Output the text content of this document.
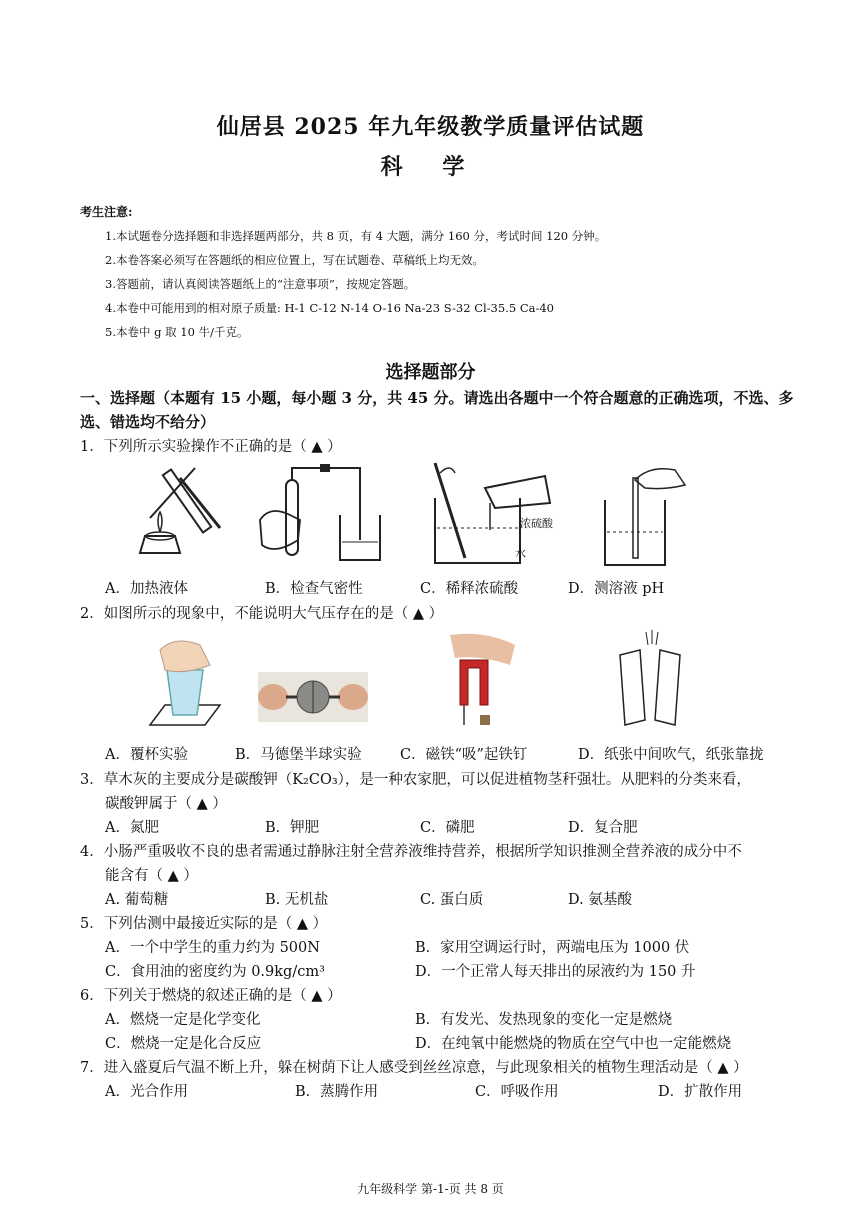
仙居县 2025 年九年级教学质量评估试题
科 学
考生注意:
1.本试题卷分选择题和非选择题两部分，共 8 页，有 4 大题，满分 160 分，考试时间 120 分钟。
2.本卷答案必须写在答题纸的相应位置上，写在试题卷、草稿纸上均无效。
3.答题前，请认真阅读答题纸上的“注意事项”，按规定答题。
4.本卷中可能用到的相对原子质量: H-1 C-12 N-14 O-16 Na-23 S-32 Cl-35.5 Ca-40
5.本卷中 g 取 10 牛/千克。
选择题部分
一、选择题（本题有 15 小题，每小题 3 分，共 45 分。请选出各题中一个符合题意的正确选项，不选、多
选、错选均不给分）
1．下列所示实验操作不正确的是（ ▲ ）
浓硫酸
水
A．加热液体	B．检查气密性	C．稀释浓硫酸	D．测溶液 pH
2．如图所示的现象中，不能说明大气压存在的是（ ▲ ）
A．覆杯实验	B．马德堡半球实验	C．磁铁“吸”起铁钉	D．纸张中间吹气，纸张靠拢
3．草木灰的主要成分是碳酸钾（K₂CO₃），是一种农家肥，可以促进植物茎秆强壮。从肥料的分类来看，
碳酸钾属于（ ▲ ）
A．氮肥	B．钾肥	C．磷肥	D．复合肥
4．小肠严重吸收不良的患者需通过静脉注射全营养液维持营养，根据所学知识推测全营养液的成分中不
能含有（ ▲ ）
A. 葡萄糖	B. 无机盐	C. 蛋白质	D. 氨基酸
5．下列估测中最接近实际的是（ ▲ ）
A．一个中学生的重力约为 500N	B．家用空调运行时，两端电压为 1000 伏
C．食用油的密度约为 0.9kg/cm³	D．一个正常人每天排出的尿液约为 150 升
6．下列关于燃烧的叙述正确的是（ ▲ ）
A．燃烧一定是化学变化	B．有发光、发热现象的变化一定是燃烧
C．燃烧一定是化合反应	D．在纯氧中能燃烧的物质在空气中也一定能燃烧
7．进入盛夏后气温不断上升，躲在树荫下让人感受到丝丝凉意，与此现象相关的植物生理活动是（ ▲ ）
A．光合作用	B．蒸腾作用	C．呼吸作用	D．扩散作用
九年级科学 第-1-页 共 8 页
